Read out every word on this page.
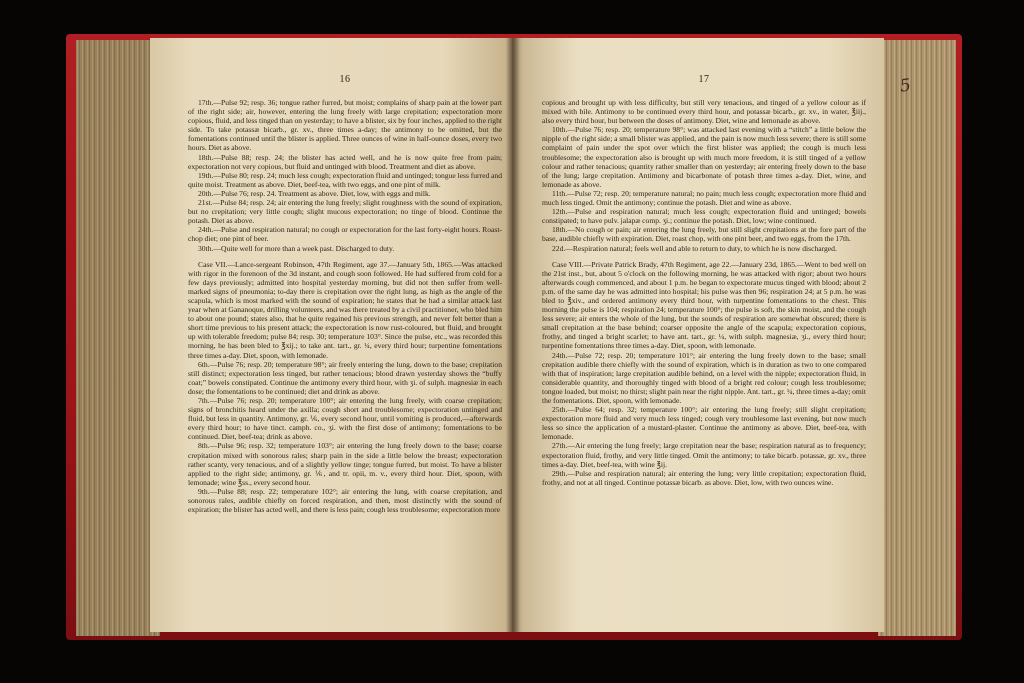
16

17th.—Pulse 92; resp. 36; tongue rather furred, but moist; complains of sharp pain at the lower part of the right side; air, however, entering the lung freely with large crepitation; expectoration more copious, fluid, and less tinged than on yesterday; to have a blister, six by four inches, applied to the right side. To take potassæ bicarb., gr. xv., three times a-day; the antimony to be omitted, but the fomentations continued until the blister is applied. Three ounces of wine in half-ounce doses, every two hours. Diet as above.

18th.—Pulse 88; resp. 24; the blister has acted well, and he is now quite free from pain; expectoration not very copious, but fluid and untinged with blood. Treatment and diet as above.

19th.—Pulse 80; resp. 24; much less cough; expectoration fluid and untinged; tongue less furred and quite moist. Treatment as above. Diet, beef-tea, with two eggs, and one pint of milk.

20th.—Pulse 76; resp. 24. Treatment as above. Diet, low, with eggs and milk.

21st.—Pulse 84; resp. 24; air entering the lung freely; slight roughness with the sound of expiration, but no crepitation; very little cough; slight mucous expectoration; no tinge of blood. Continue the potash. Diet as above.

24th.—Pulse and respiration natural; no cough or expectoration for the last forty-eight hours. Roast-chop diet; one pint of beer.

30th.—Quite well for more than a week past. Discharged to duty.

Case VII.—Lance-sergeant Robinson, 47th Regiment, age 37.—January 5th, 1865.—Was attacked with rigor in the forenoon of the 3d instant, and cough soon followed. He had suffered from cold for a few days previously; admitted into hospital yesterday morning, but did not then suffer from well-marked signs of pneumonia; to-day there is crepitation over the right lung, as high as the angle of the scapula, which is most marked with the sound of expiration; he states that he had a similar attack last year when at Gananoque, drilling volunteers, and was there treated by a civil practitioner, who bled him to about one pound; states also, that he quite regained his previous strength, and never felt better than a short time previous to his present attack; the expectoration is now rust-coloured, but fluid, and brought up with tolerable freedom; pulse 84; resp. 30; temperature 103°. Since the pulse, etc., was recorded this morning, he has been bled to ℥xij.; to take ant. tart., gr. ¼, every third hour; turpentine fomentations three times a-day. Diet, spoon, with lemonade.

6th.—Pulse 76; resp. 20; temperature 98°; air freely entering the lung, down to the base; crepitation still distinct; expectoration less tinged, but rather tenacious; blood drawn yesterday shows the “buffy coat;” bowels constipated. Continue the antimony every third hour, with ʒi. of sulph. magnesiæ in each dose; the fomentations to be continued; diet and drink as above.

7th.—Pulse 76; resp. 20; temperature 100°; air entering the lung freely, with coarse crepitation; signs of bronchitis heard under the axilla; cough short and troublesome; expectoration untinged and fluid, but less in quantity. Antimony, gr. ⅙, every second hour, until vomiting is produced,—afterwards every third hour; to have tinct. camph. co., ʒi. with the first dose of antimony; fomentations to be continued. Diet, beef-tea; drink as above.

8th.—Pulse 96; resp. 32; temperature 103°; air entering the lung freely down to the base; coarse crepitation mixed with sonorous rales; sharp pain in the side a little below the breast; expectoration rather scanty, very tenacious, and of a slightly yellow tinge; tongue furred, but moist. To have a blister applied to the right side; antimony, gr. ⅙, and tr. opii, m. v., every third hour. Diet, spoon, with lemonade; wine ℥ss., every second hour.

9th.—Pulse 88; resp. 22; temperature 102°; air entering the lung, with coarse crepitation, and sonorous rales, audible chiefly on forced respiration, and then, most distinctly with the sound of expiration; the blister has acted well, and there is less pain; cough less troublesome; expectoration more

17

copious and brought up with less difficulty, but still very tenacious, and tinged of a yellow colour as if mixed with bile. Antimony to be continued every third hour, and potassæ bicarb., gr. xv., in water, ℥iij., also every third hour, but between the doses of antimony. Diet, wine and lemonade as above.

10th.—Pulse 76; resp. 20; temperature 98°; was attacked last evening with a “stitch” a little below the nipple of the right side; a small blister was applied, and the pain is now much less severe; there is still some complaint of pain under the spot over which the first blister was applied; the cough is much less troublesome; the expectoration also is brought up with much more freedom, it is still tinged of a yellow colour and rather tenacious; quantity rather smaller than on yesterday; air entering freely down to the base of the lung; large crepitation. Antimony and bicarbonate of potash three times a-day. Diet, wine, and lemonade as above.

11th.—Pulse 72; resp. 20; temperature natural; no pain; much less cough; expectoration more fluid and much less tinged. Omit the antimony; continue the potash. Diet and wine as above.

12th.—Pulse and respiration natural; much less cough; expectoration fluid and untinged; bowels constipated; to have pulv. jalapæ comp. ʒi.; continue the potash. Diet, low; wine continued.

18th.—No cough or pain; air entering the lung freely, but still slight crepitations at the fore part of the base, audible chiefly with expiration. Diet, roast chop, with one pint beer, and two eggs, from the 17th.

22d.—Respiration natural; feels well and able to return to duty, to which he is now discharged.

Case VIII.—Private Patrick Brady, 47th Regiment, age 22.—January 23d, 1865.—Went to bed well on the 21st inst., but, about 5 o'clock on the following morning, he was attacked with rigor; about two hours afterwards cough commenced, and about 1 p.m. he began to expectorate mucus tinged with blood; about 2 p.m. of the same day he was admitted into hospital; his pulse was then 96; respiration 24; at 5 p.m. he was bled to ℥xiv., and ordered antimony every third hour, with turpentine fomentations to the chest. This morning the pulse is 104; respiration 24; temperature 100°; the pulse is soft, the skin moist, and the cough less severe; air enters the whole of the lung, but the sounds of respiration are somewhat obscured; there is small crepitation at the base behind; coarser opposite the angle of the scapula; expectoration copious, frothy, and tinged a bright scarlet; to have ant. tart., gr. ¼, with sulph. magnesiæ, ʒi., every third hour; turpentine fomentations three times a-day. Diet, spoon, with lemonade.

24th.—Pulse 72; resp. 20; temperature 101°; air entering the lung freely down to the base; small crepitation audible there chiefly with the sound of expiration, which is in duration as two to one compared with that of inspiration; large crepitation audible behind, on a level with the nipple; expectoration fluid, in considerable quantity, and thoroughly tinged with blood of a bright red colour; cough less troublesome; tongue loaded, but moist; no thirst; slight pain near the right nipple. Ant. tart., gr. ¼, three times a-day; omit the fomentations. Diet, spoon, with lemonade.

25th.—Pulse 64; resp. 32; temperature 100°; air entering the lung freely; still slight crepitation; expectoration more fluid and very much less tinged; cough very troublesome last evening, but now much less so since the application of a mustard-plaster. Continue the antimony as above. Diet, beef-tea, with lemonade.

27th.—Air entering the lung freely; large crepitation near the base; respiration natural as to frequency; expectoration fluid, frothy, and very little tinged. Omit the antimony; to take bicarb. potassæ, gr. xv., three times a-day. Diet, beef-tea, with wine ℥ij.

29th.—Pulse and respiration natural; air entering the lung; very little crepitation; expectoration fluid, frothy, and not at all tinged. Continue potassæ bicarb. as above. Diet, low, with two ounces wine.

5
